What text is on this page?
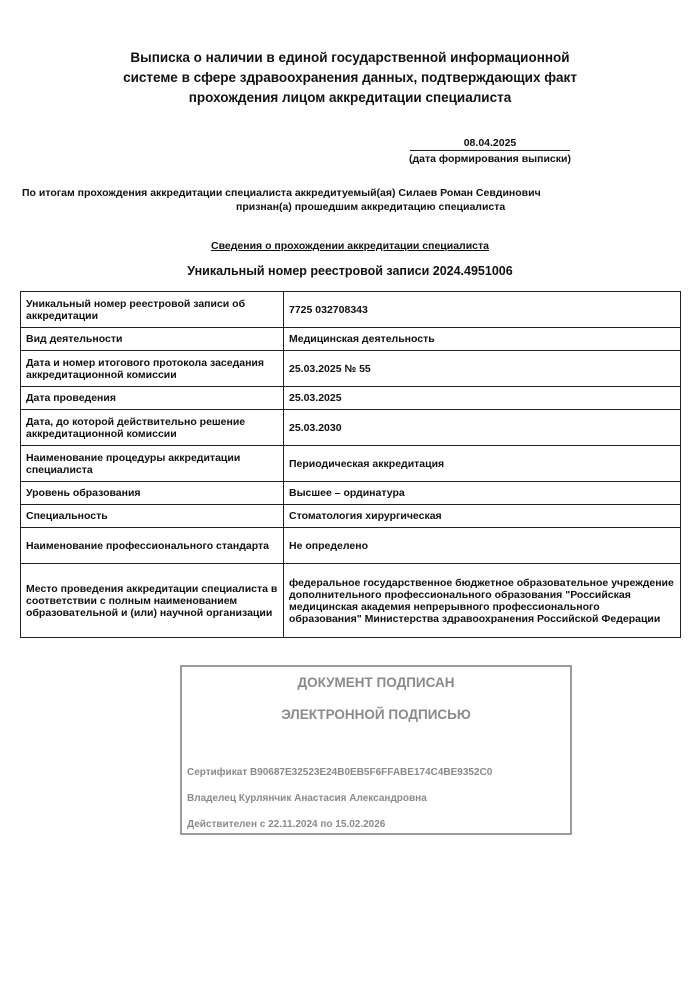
Выписка о наличии в единой государственной информационной
системе в сфере здравоохранения данных, подтверждающих факт
прохождения лицом аккредитации специалиста
08.04.2025
(дата формирования выписки)
По итогам прохождения аккредитации специалиста аккредитуемый(ая) Силаев Роман Севдинович
признан(а) прошедшим аккредитацию специалиста
Сведения о прохождении аккредитации специалиста
Уникальный номер реестровой записи 2024.4951006
Уникальный номер реестровой записи об аккредитации	7725 032708343
Вид деятельности	Медицинская деятельность
Дата и номер итогового протокола заседания аккредитационной комиссии	25.03.2025 № 55
Дата проведения	25.03.2025
Дата, до которой действительно решение аккредитационной комиссии	25.03.2030
Наименование процедуры аккредитации специалиста	Периодическая аккредитация
Уровень образования	Высшее – ординатура
Специальность	Стоматология хирургическая
Наименование профессионального стандарта	Не определено
Место проведения аккредитации специалиста в соответствии с полным наименованием образовательной и (или) научной организации	федеральное государственное бюджетное образовательное учреждение дополнительного профессионального образования "Российская медицинская академия непрерывного профессионального образования" Министерства здравоохранения Российской Федерации
ДОКУМЕНТ ПОДПИСАН
ЭЛЕКТРОННОЙ ПОДПИСЬЮ
Сертификат B90687E32523E24B0EB5F6FFABE174C4BE9352C0
Владелец Курлянчик Анастасия Александровна
Действителен с 22.11.2024 по 15.02.2026
